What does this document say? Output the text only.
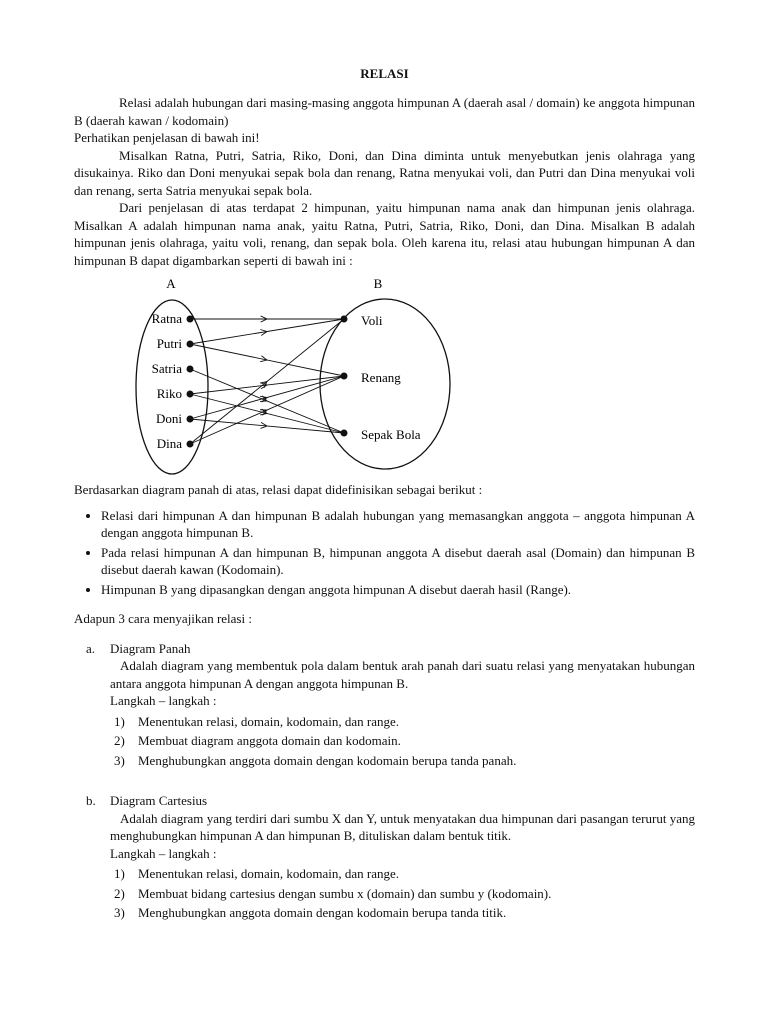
RELASI

Relasi adalah hubungan dari masing-masing anggota himpunan A (daerah asal / domain) ke anggota himpunan B (daerah kawan / kodomain)

Perhatikan penjelasan di bawah ini!

Misalkan Ratna, Putri, Satria, Riko, Doni, dan Dina diminta untuk menyebutkan jenis olahraga yang disukainya. Riko dan Doni menyukai sepak bola dan renang, Ratna menyukai voli, dan Putri dan Dina menyukai voli dan renang, serta Satria menyukai sepak bola.

Dari penjelasan di atas terdapat 2 himpunan, yaitu himpunan nama anak dan himpunan jenis olahraga. Misalkan A adalah himpunan nama anak, yaitu Ratna, Putri, Satria, Riko, Doni, dan Dina. Misalkan B adalah himpunan jenis olahraga, yaitu voli, renang, dan sepak bola. Oleh karena itu, relasi atau hubungan himpunan A dan himpunan B dapat digambarkan seperti di bawah ini :

A	B
Ratna
Putri
Satria
Riko
Doni
Dina
Voli
Renang
Sepak Bola

Berdasarkan diagram panah di atas, relasi dapat didefinisikan sebagai berikut :

• Relasi dari himpunan A dan himpunan B adalah hubungan yang memasangkan anggota – anggota himpunan A dengan anggota himpunan B.
• Pada relasi himpunan A dan himpunan B, himpunan anggota A disebut daerah asal (Domain) dan himpunan B disebut daerah kawan (Kodomain).
• Himpunan B yang dipasangkan dengan anggota himpunan A disebut daerah hasil (Range).

Adapun 3 cara menyajikan relasi :

a. Diagram Panah

Adalah diagram yang membentuk pola dalam bentuk arah panah dari suatu relasi yang menyatakan hubungan antara anggota himpunan A dengan anggota himpunan B.

Langkah – langkah :

1) Menentukan relasi, domain, kodomain, dan range.
2) Membuat diagram anggota domain dan kodomain.
3) Menghubungkan anggota domain dengan kodomain berupa tanda panah.
b. Diagram Cartesius

Adalah diagram yang terdiri dari sumbu X dan Y, untuk menyatakan dua himpunan dari pasangan terurut yang menghubungkan himpunan A dan himpunan B, dituliskan dalam bentuk titik.

Langkah – langkah :

1) Menentukan relasi, domain, kodomain, dan range.
2) Membuat bidang cartesius dengan sumbu x (domain) dan sumbu y (kodomain).
3) Menghubungkan anggota domain dengan kodomain berupa tanda titik.
